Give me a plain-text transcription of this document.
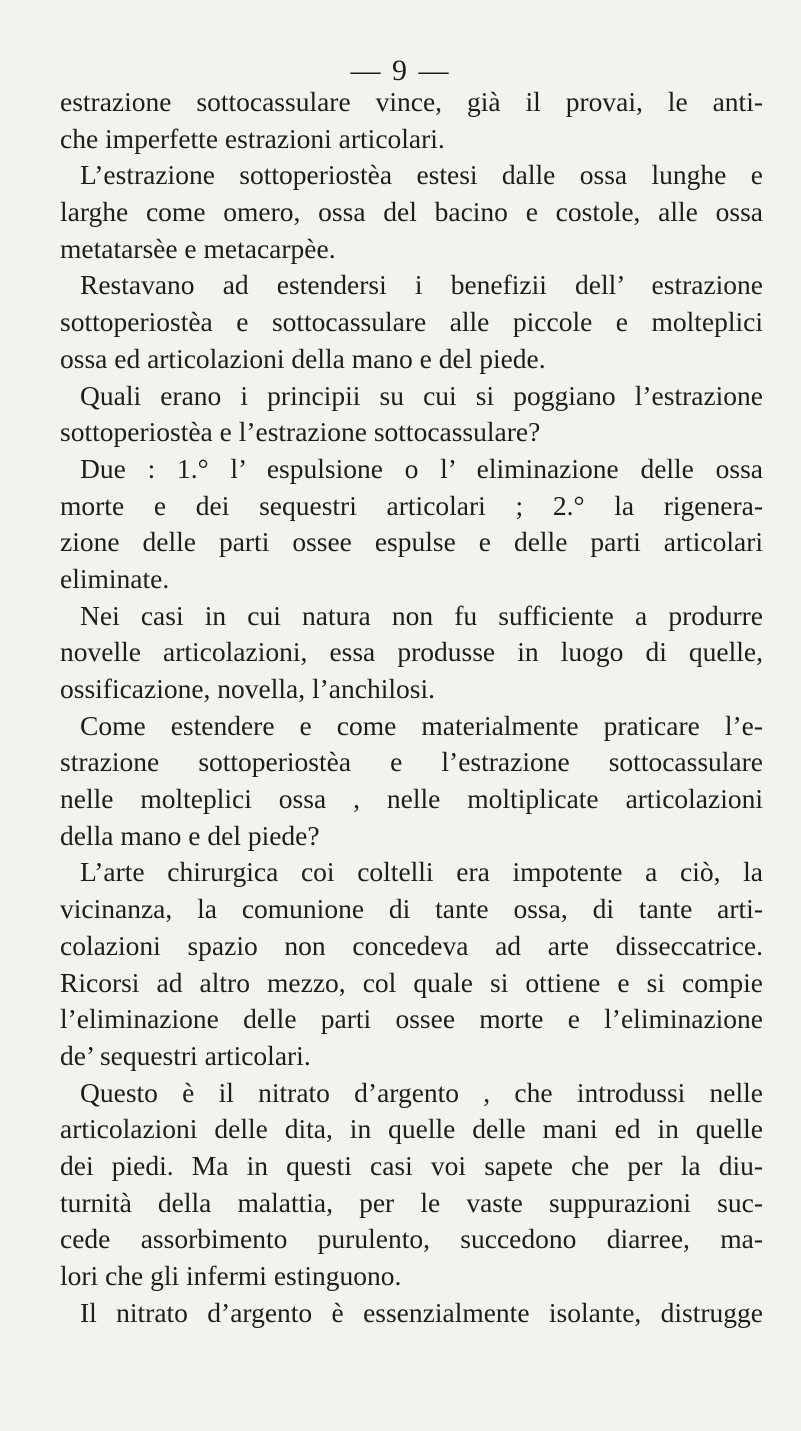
— 9 —
estrazione sottocassulare vince, già il provai, le anti-
che imperfette estrazioni articolari.
L’estrazione sottoperiostèa estesi dalle ossa lunghe e
larghe come omero, ossa del bacino e costole, alle ossa
metatarsèe e metacarpèe.
Restavano ad estendersi i benefizii dell’ estrazione
sottoperiostèa e sottocassulare alle piccole e molteplici
ossa ed articolazioni della mano e del piede.
Quali erano i principii su cui si poggiano l’estrazione
sottoperiostèa e l’estrazione sottocassulare?
Due : 1.° l’ espulsione o l’ eliminazione delle ossa
morte e dei sequestri articolari ; 2.° la rigenera-
zione delle parti ossee espulse e delle parti articolari
eliminate.
Nei casi in cui natura non fu sufficiente a produrre
novelle articolazioni, essa produsse in luogo di quelle,
ossificazione, novella, l’anchilosi.
Come estendere e come materialmente praticare l’e-
strazione sottoperiostèa e l’estrazione sottocassulare
nelle molteplici ossa , nelle moltiplicate articolazioni
della mano e del piede?
L’arte chirurgica coi coltelli era impotente a ciò, la
vicinanza, la comunione di tante ossa, di tante arti-
colazioni spazio non concedeva ad arte disseccatrice.
Ricorsi ad altro mezzo, col quale si ottiene e si compie
l’eliminazione delle parti ossee morte e l’eliminazione
de’ sequestri articolari.
Questo è il nitrato d’argento , che introdussi nelle
articolazioni delle dita, in quelle delle mani ed in quelle
dei piedi. Ma in questi casi voi sapete che per la diu-
turnità della malattia, per le vaste suppurazioni suc-
cede assorbimento purulento, succedono diarree, ma-
lori che gli infermi estinguono.
Il nitrato d’argento è essenzialmente isolante, distrugge
